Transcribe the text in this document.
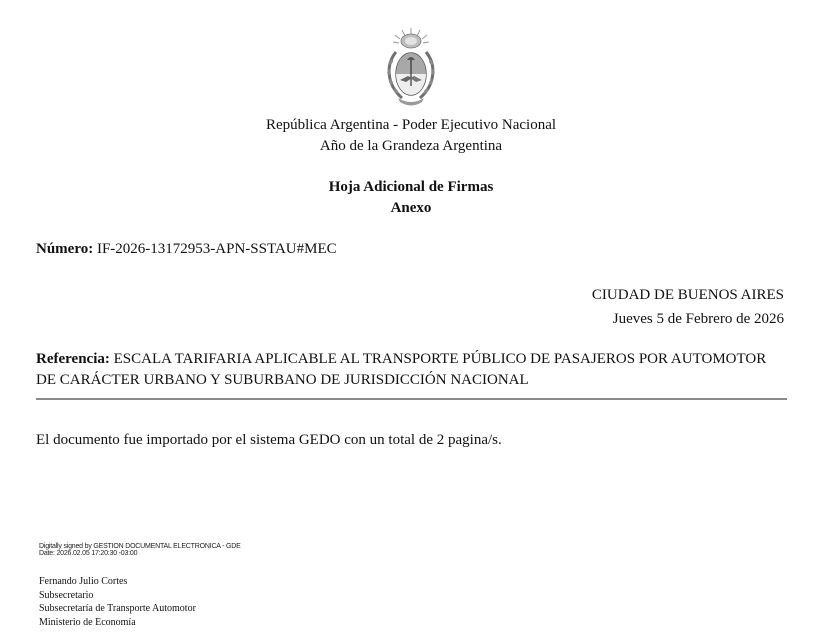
República Argentina - Poder Ejecutivo Nacional
Año de la Grandeza Argentina
Hoja Adicional de Firmas
Anexo
Número: IF-2026-13172953-APN-SSTAU#MEC
CIUDAD DE BUENOS AIRES
Jueves 5 de Febrero de 2026
Referencia: ESCALA TARIFARIA APLICABLE AL TRANSPORTE PÚBLICO DE PASAJEROS POR AUTOMOTOR DE CARÁCTER URBANO Y SUBURBANO DE JURISDICCIÓN NACIONAL
El documento fue importado por el sistema GEDO con un total de 2 pagina/s.
Digitally signed by GESTION DOCUMENTAL ELECTRONICA - GDE
Date: 2026.02.05 17:20:30 -03:00
Fernando Julio Cortes
Subsecretario
Subsecretaría de Transporte Automotor
Ministerio de Economía
